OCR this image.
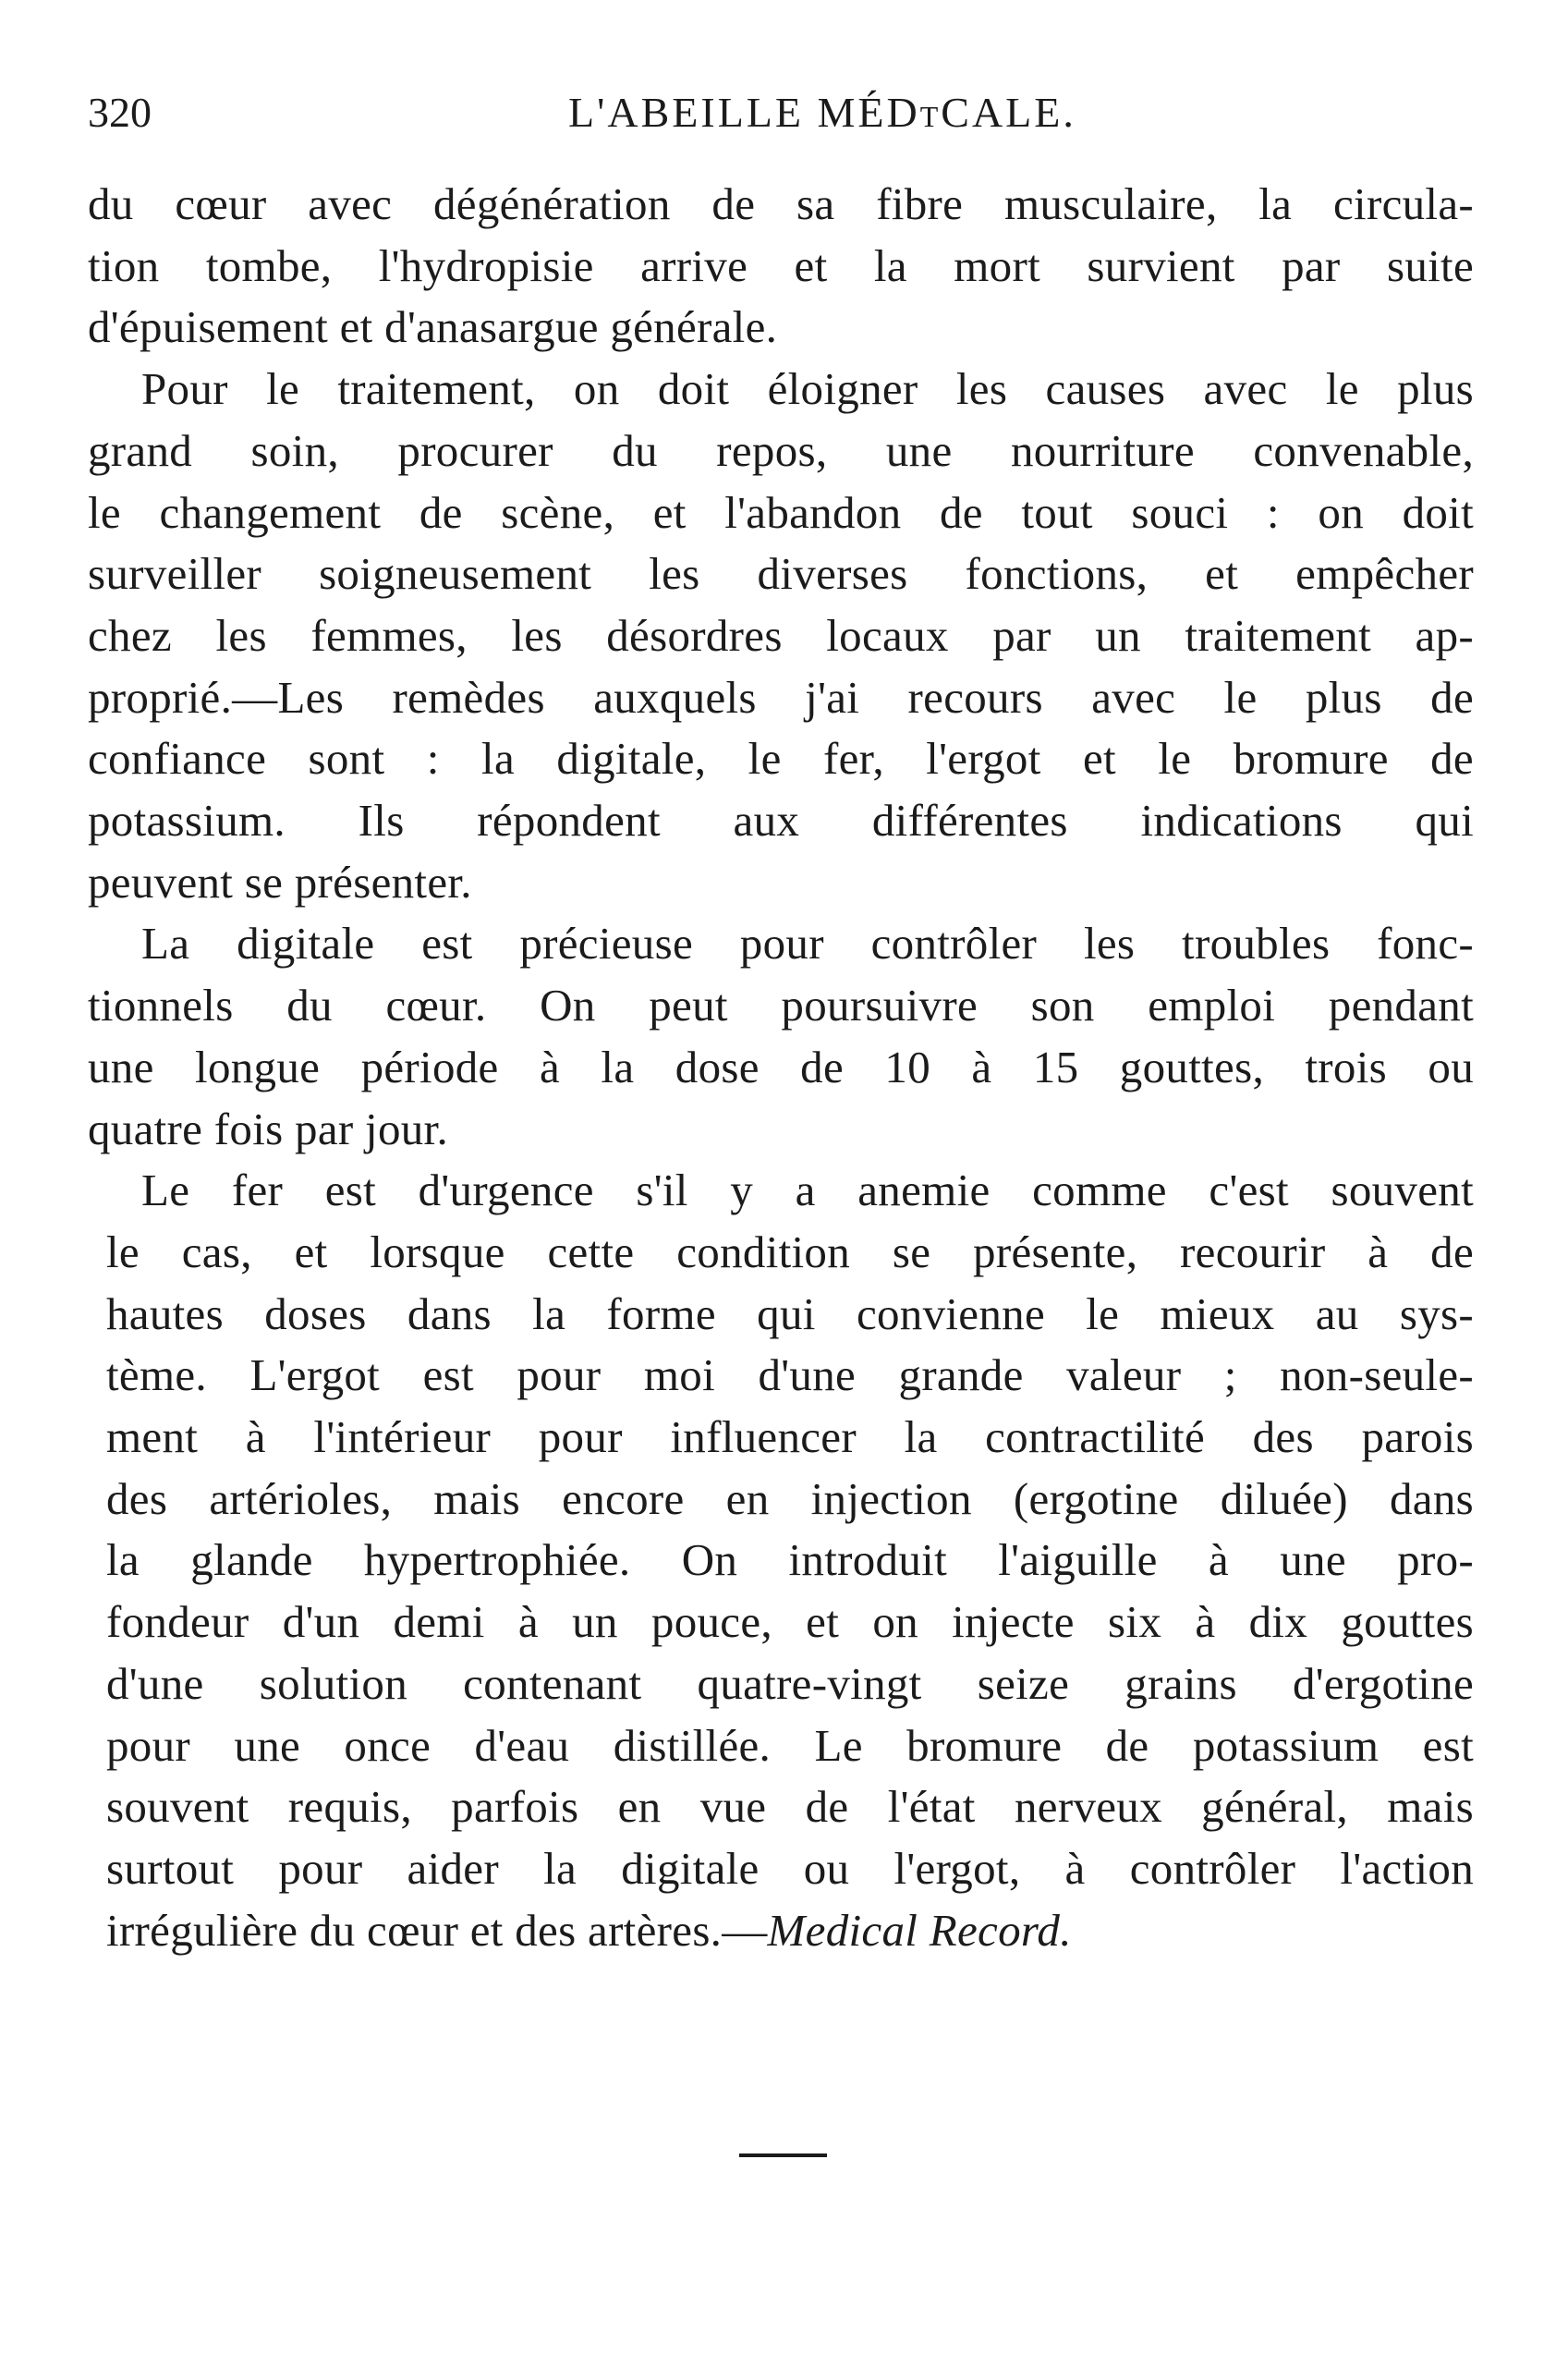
320	L'ABEILLE MÉDtCALE.

du cœur avec dégénération de sa fibre musculaire, la circula-
tion tombe, l'hydropisie arrive et la mort survient par suite
d'épuisement et d'anasargue générale.

Pour le traitement, on doit éloigner les causes avec le plus
grand soin, procurer du repos, une nourriture convenable,
le changement de scène, et l'abandon de tout souci : on doit
surveiller soigneusement les diverses fonctions, et empêcher
chez les femmes, les désordres locaux par un traitement ap-
proprié.—Les remèdes auxquels j'ai recours avec le plus de
confiance sont : la digitale, le fer, l'ergot et le bromure de
potassium. Ils répondent aux différentes indications qui
peuvent se présenter.

La digitale est précieuse pour contrôler les troubles fonc-
tionnels du cœur. On peut poursuivre son emploi pendant
une longue période à la dose de 10 à 15 gouttes, trois ou
quatre fois par jour.

Le fer est d'urgence s'il y a anemie comme c'est souvent
le cas, et lorsque cette condition se présente, recourir à de
hautes doses dans la forme qui convienne le mieux au sys-
tème. L'ergot est pour moi d'une grande valeur ; non-seule-
ment à l'intérieur pour influencer la contractilité des parois
des artérioles, mais encore en injection (ergotine diluée) dans
la glande hypertrophiée. On introduit l'aiguille à une pro-
fondeur d'un demi à un pouce, et on injecte six à dix gouttes
d'une solution contenant quatre-vingt seize grains d'ergotine
pour une once d'eau distillée. Le bromure de potassium est
souvent requis, parfois en vue de l'état nerveux général, mais
surtout pour aider la digitale ou l'ergot, à contrôler l'action
irrégulière du cœur et des artères.—Medical Record.
